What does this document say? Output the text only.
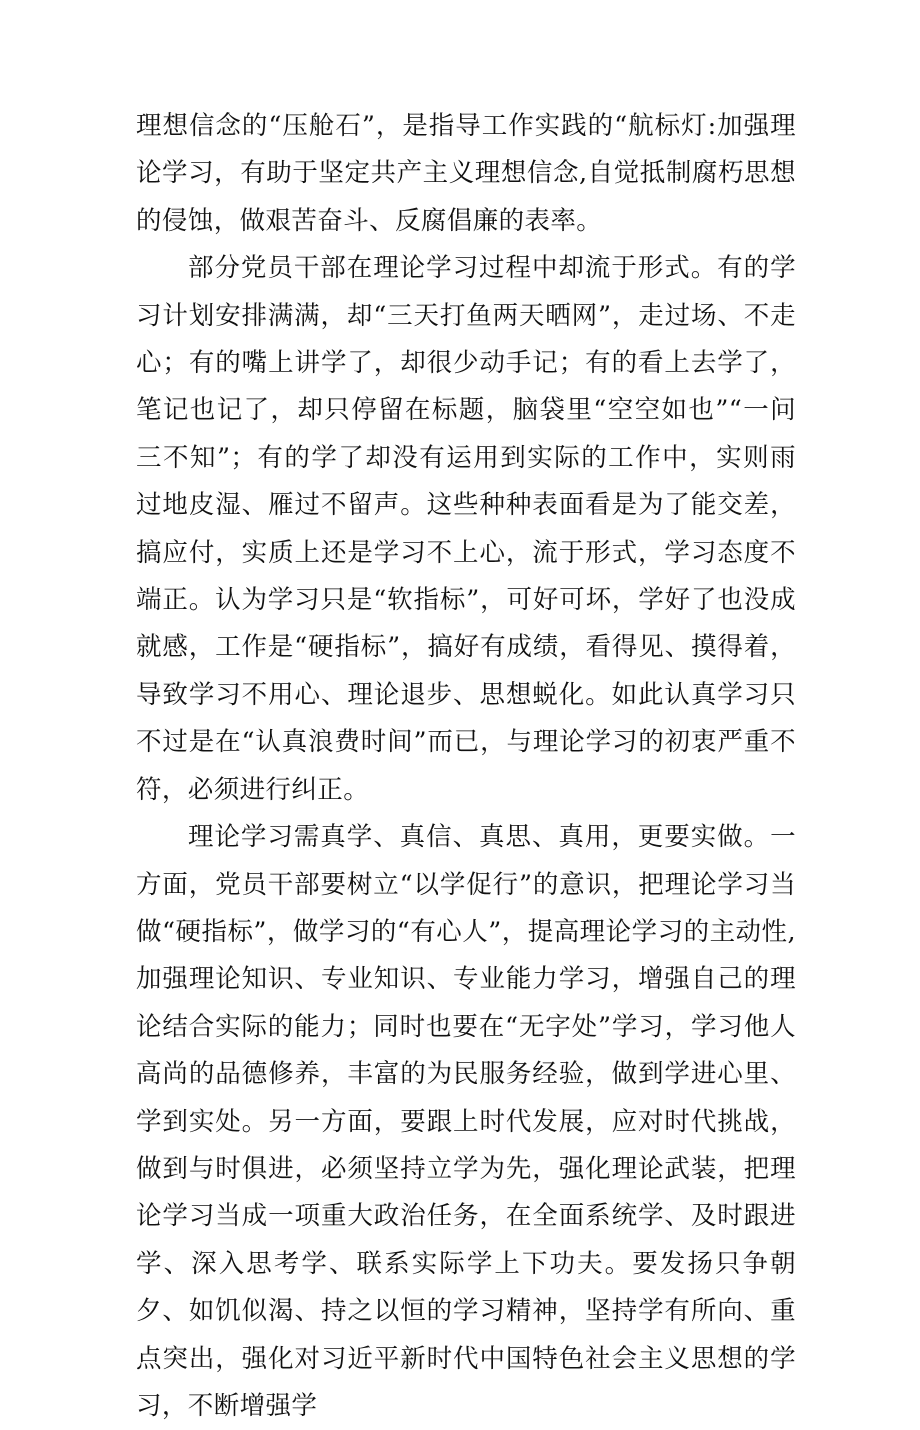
理想信念的“压舱石”，是指导工作实践的“航标灯:加强理论学习，有助于坚定共产主义理想信念,自觉抵制腐朽思想的侵蚀，做艰苦奋斗、反腐倡廉的表率。

部分党员干部在理论学习过程中却流于形式。有的学习计划安排满满，却“三天打鱼两天晒网”，走过场、不走心；有的嘴上讲学了，却很少动手记；有的看上去学了，笔记也记了，却只停留在标题，脑袋里“空空如也”“一问三不知”；有的学了却没有运用到实际的工作中，实则雨过地皮湿、雁过不留声。这些种种表面看是为了能交差，搞应付，实质上还是学习不上心，流于形式，学习态度不端正。认为学习只是“软指标”，可好可坏，学好了也没成就感，工作是“硬指标”，搞好有成绩，看得见、摸得着，导致学习不用心、理论退步、思想蜕化。如此认真学习只不过是在“认真浪费时间”而已，与理论学习的初衷严重不符，必须进行纠正。

理论学习需真学、真信、真思、真用，更要实做。一方面，党员干部要树立“以学促行”的意识，把理论学习当做“硬指标”，做学习的“有心人”，提高理论学习的主动性,加强理论知识、专业知识、专业能力学习，增强自己的理论结合实际的能力；同时也要在“无字处”学习，学习他人高尚的品德修养，丰富的为民服务经验，做到学进心里、学到实处。另一方面，要跟上时代发展，应对时代挑战，做到与时俱进，必须坚持立学为先，强化理论武装，把理论学习当成一项重大政治任务，在全面系统学、及时跟进学、深入思考学、联系实际学上下功夫。要发扬只争朝夕、如饥似渴、持之以恒的学习精神，坚持学有所向、重点突出，强化对习近平新时代中国特色社会主义思想的学习，不断增强学
